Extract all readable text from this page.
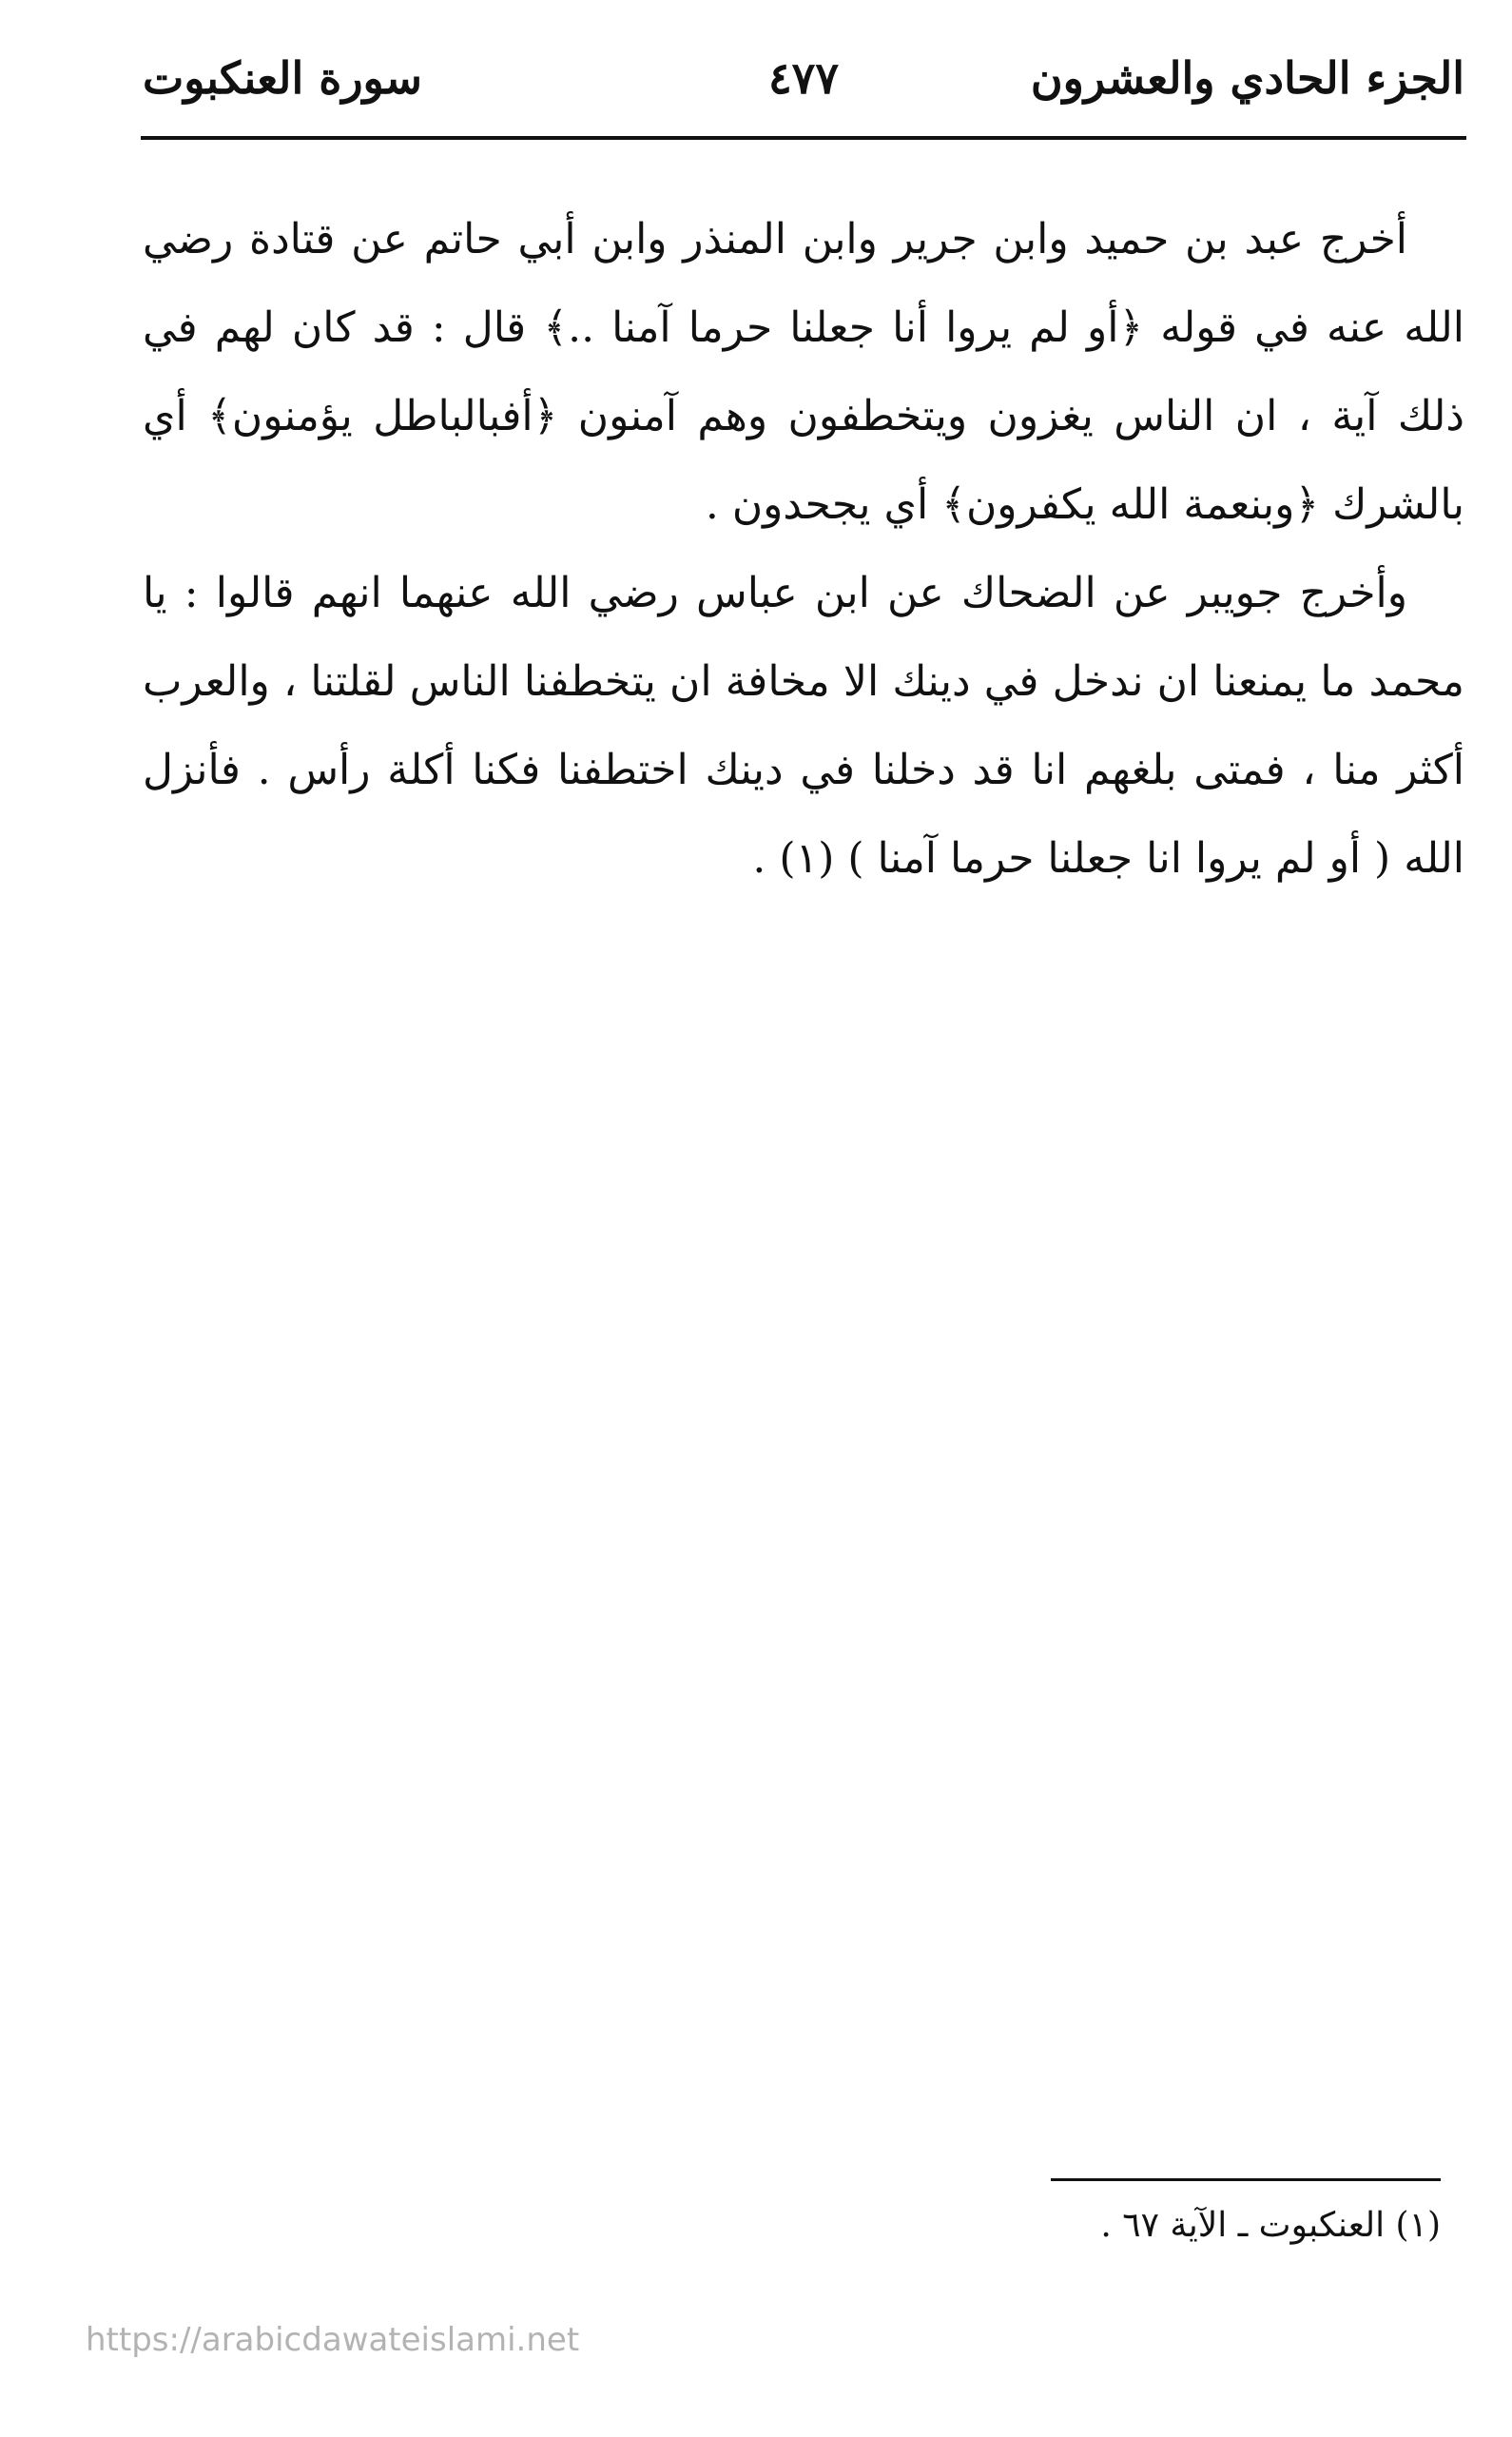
الجزء الحادي والعشرون
٤٧٧
سورة العنكبوت

أخرج عبد بن حميد وابن جرير وابن المنذر وابن أبي حاتم عن قتادة رضي الله عنه في قوله ﴿أو لم يروا أنا جعلنا حرما آمنا ..﴾ قال : قد كان لهم في ذلك آية ، ان الناس يغزون ويتخطفون وهم آمنون ﴿أفبالباطل يؤمنون﴾ أي بالشرك ﴿وبنعمة الله يكفرون﴾ أي يجحدون .

وأخرج جويبر عن الضحاك عن ابن عباس رضي الله عنهما انهم قالوا : يا محمد ما يمنعنا ان ندخل في دينك الا مخافة ان يتخطفنا الناس لقلتنا ، والعرب أكثر منا ، فمتى بلغهم انا قد دخلنا في دينك اختطفنا فكنا أكلة رأس . فأنزل الله ( أو لم يروا انا جعلنا حرما آمنا ) (١) .

(١) العنكبوت ـ الآية ٦٧ .
https://arabicdawateislami.net
